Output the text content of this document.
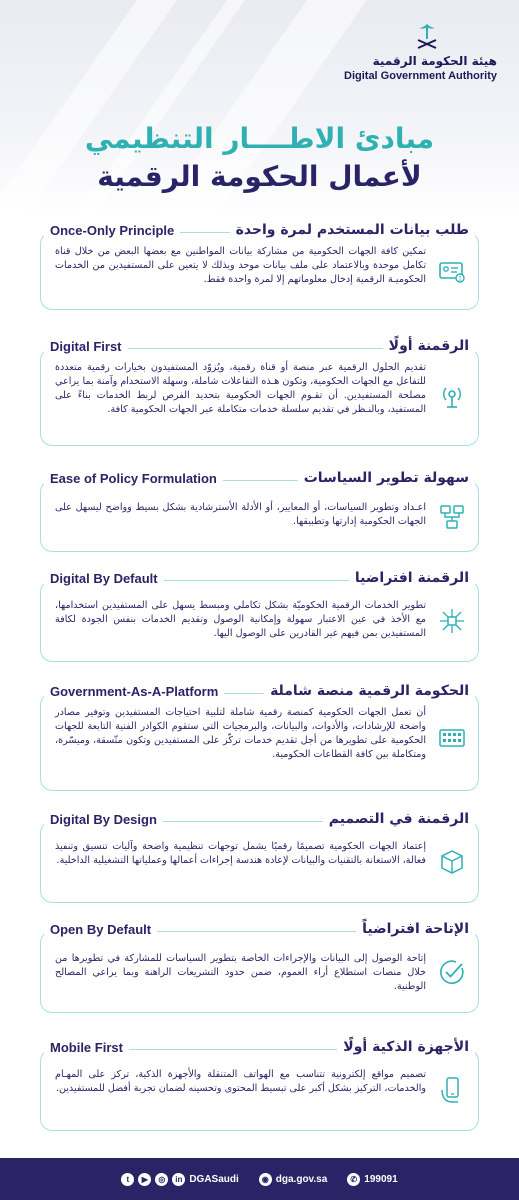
هيئة الحكومة الرقمية
Digital Government Authority
مبادئ الاطــــار التنظيمي
لأعمال الحكومة الرقمية
تمكين كافة الجهات الحكومية من مشاركة بيانات المواطنين مع بعضها البعض من خلال قناة تكامل موحدة وبالاعتماد على ملف بيانات موحد وبذلك لا يتعين على المستفيدين من الخدمات الحكوميـة الرقمية إدخال معلوماتهم إلا لمرة واحدة فقط.	1
Once-Only Principle	طلب بيانات المستخدم لمرة واحدة
تقديم الحلول الرقمية عبر منصة أو قناة رقمية، ويُزوّد المستفيدون بخيارات رقمية متعددة للتفاعل مع الجهات الحكومية، وتكون هـذه التفاعلات شاملة، وسهلة الاستخدام وآمنة بما يراعي مصلحة المستفيدين. أن تقـوم الجهات الحكومية بتحديد الفرص لربط الخدمات بناءً على المستفيد، وبالنـظر في تقديم سلسلة خدمات متكاملة عبر الجهات الحكومية كافة.
Digital First	الرقمنة أولًا
اعـداد وتطوير السياسات، أو المعايير، أو الأدلة الأسترشادية بشكل بسيط وواضح ليسهل على الجهات الحكومية إدارتها وتطبيقها.
Ease of Policy Formulation	سهولة تطوير السياسات
تطوير الخدمات الرقمية الحكوميّة بشكل تكاملي ومبسط يسهل على المستفيدين استخدامها، مع الأخذ في عين الاعتبار سهولة وإمكانية الوصول وتقديم الخدمات بنفس الجودة لكافة المستفيدين بمن فيهم غير القادرين على الوصول اليها.
Digital By Default	الرقمنة افتراضيا
أن تعمل الجهات الحكومية كمنصة رقمية شاملة لتلبية احتياجات المستفيدين وتوفير مصادر واضحة للإرشادات، والأدوات، والبيانات، والبرمجيات التي ستقوم الكوادر الفنية التابعة للجهات الحكومية على تطويرها من أجل تقديم خدمات تركّز على المستفيدين وتكون متّسقة، وميسّرة، ومتكاملة بين كافة القطاعات الحكومية.
Government-As-A-Platform	الحكومة الرقمية منصة شاملة
إعتماد الجهات الحكومية تصميمًا رقميًا يشمل توجهات تنظيمية واضحة وآليات تنسيق وتنفيذ فعالة، الاستعانة بالتقنيات والبيانات لإعادة هندسة إجراءات أعمالها وعملياتها التشغيلية الداخلية.
Digital By Design	الرقمنة في التصميم
إتاحة الوصول إلى البيانات والإجراءات الخاصة بتطوير السياسات للمشاركة في تطويرها من خلال منصات استطلاع أراء العموم، ضمن حدود التشريعات الراهنة وبما يراعي المصالح الوطنية.
Open By Default	الإتاحة افتراضياً
تصميم مواقع إلكترونية تتناسب مع الهواتف المتنقلة والأجهزة الذكية، تركز على المهـام والخدمات، التركيز بشكل أكبر على تبسيط المحتوى وتحسينه لضمان تجربة أفضل للمستفيدين.
Mobile First	الأجهزة الذكية أولًا
t	▶	◎	in DGASaudi	◉ dga.gov.sa	✆ 199091
